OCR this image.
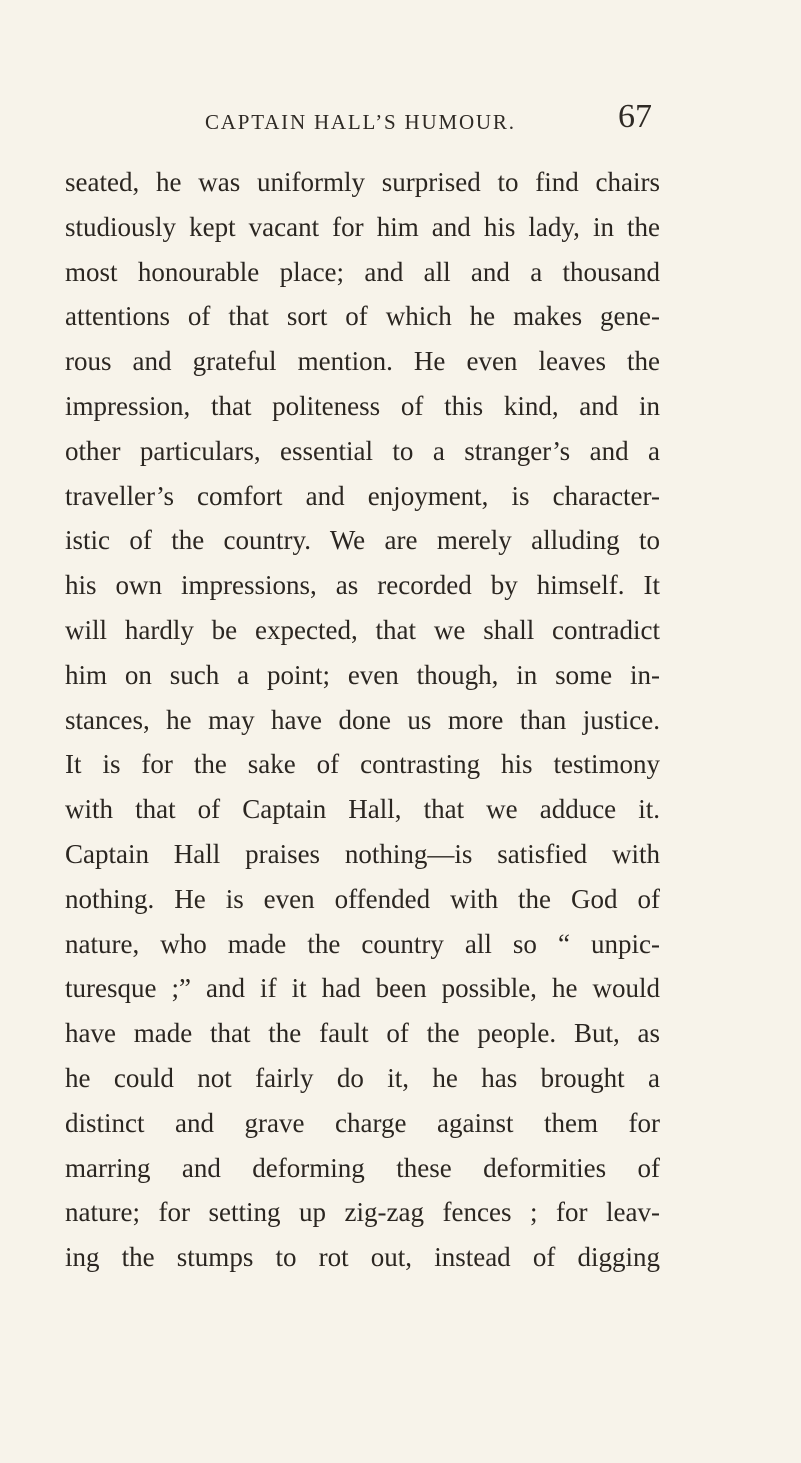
CAPTAIN HALL’S HUMOUR.	67
seated, he was uniformly surprised to find chairs
studiously kept vacant for him and his lady, in the
most honourable place; and all and a thousand
attentions of that sort of which he makes gene-
rous and grateful mention. He even leaves the
impression, that politeness of this kind, and in
other particulars, essential to a stranger’s and a
traveller’s comfort and enjoyment, is character-
istic of the country. We are merely alluding to
his own impressions, as recorded by himself. It
will hardly be expected, that we shall contradict
him on such a point; even though, in some in-
stances, he may have done us more than justice.
It is for the sake of contrasting his testimony
with that of Captain Hall, that we adduce it.
Captain Hall praises nothing—is satisfied with
nothing. He is even offended with the God of
nature, who made the country all so “ unpic-
turesque ;” and if it had been possible, he would
have made that the fault of the people. But, as
he could not fairly do it, he has brought a
distinct and grave charge against them for
marring and deforming these deformities of
nature; for setting up zig-zag fences ; for leav-
ing the stumps to rot out, instead of digging
